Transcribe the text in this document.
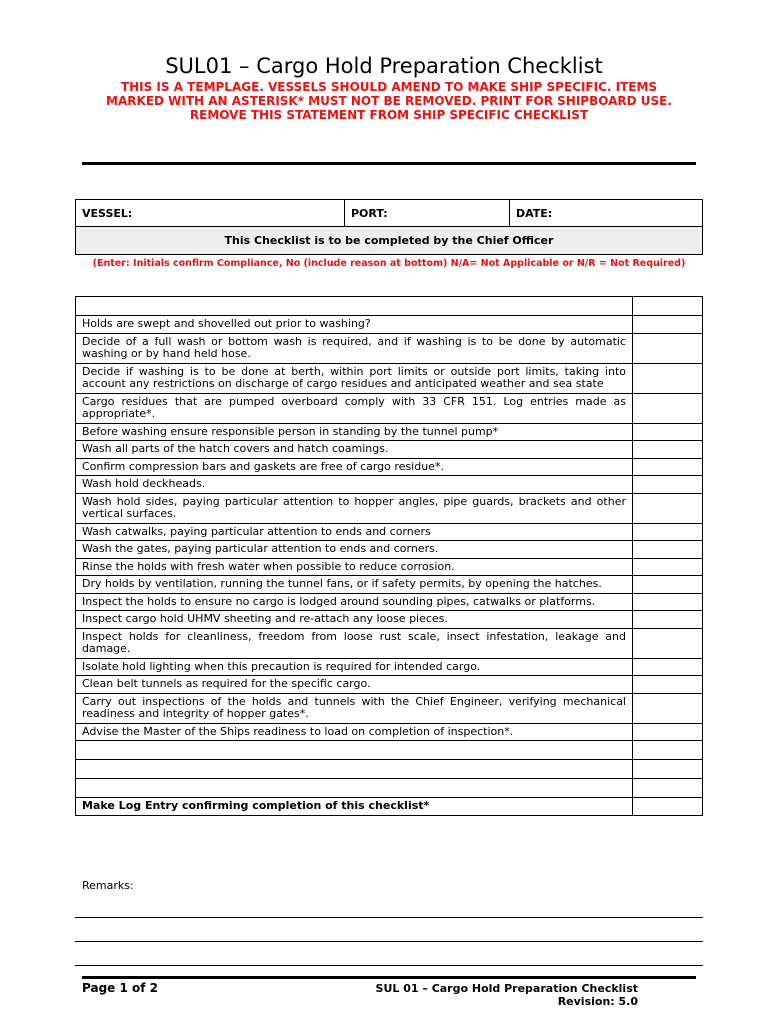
SUL01 – Cargo Hold Preparation Checklist
THIS IS A TEMPLAGE. VESSELS SHOULD AMEND TO MAKE SHIP SPECIFIC. ITEMS MARKED WITH AN ASTERISK* MUST NOT BE REMOVED. PRINT FOR SHIPBOARD USE. REMOVE THIS STATEMENT FROM SHIP SPECIFIC CHECKLIST
VESSEL:	PORT:	DATE:
This Checklist is to be completed by the Chief Officer
(Enter: Initials confirm Compliance, No (include reason at bottom) N/A= Not Applicable or N/R = Not Required)

Holds are swept and shovelled out prior to washing?	
Decide of a full wash or bottom wash is required, and if washing is to be done by automatic washing or by hand held hose.	
Decide if washing is to be done at berth, within port limits or outside port limits, taking into account any restrictions on discharge of cargo residues and anticipated weather and sea state	
Cargo residues that are pumped overboard comply with 33 CFR 151. Log entries made as appropriate*.	
Before washing ensure responsible person in standing by the tunnel pump*	
Wash all parts of the hatch covers and hatch coamings.	
Confirm compression bars and gaskets are free of cargo residue*.	
Wash hold deckheads.	
Wash hold sides, paying particular attention to hopper angles, pipe guards, brackets and other vertical surfaces.	
Wash catwalks, paying particular attention to ends and corners	
Wash the gates, paying particular attention to ends and corners.	
Rinse the holds with fresh water when possible to reduce corrosion.	
Dry holds by ventilation, running the tunnel fans, or if safety permits, by opening the hatches.	
Inspect the holds to ensure no cargo is lodged around sounding pipes, catwalks or platforms.	
Inspect cargo hold UHMV sheeting and re-attach any loose pieces.	
Inspect holds for cleanliness, freedom from loose rust scale, insect infestation, leakage and damage.	
Isolate hold lighting when this precaution is required for intended cargo.	
Clean belt tunnels as required for the specific cargo.	
Carry out inspections of the holds and tunnels with the Chief Engineer, verifying mechanical readiness and integrity of hopper gates*.	
Advise the Master of the Ships readiness to load on completion of inspection*.	

Make Log Entry confirming completion of this checklist*	
Remarks:
Page 1 of 2	SUL 01 – Cargo Hold Preparation Checklist
Revision: 5.0
